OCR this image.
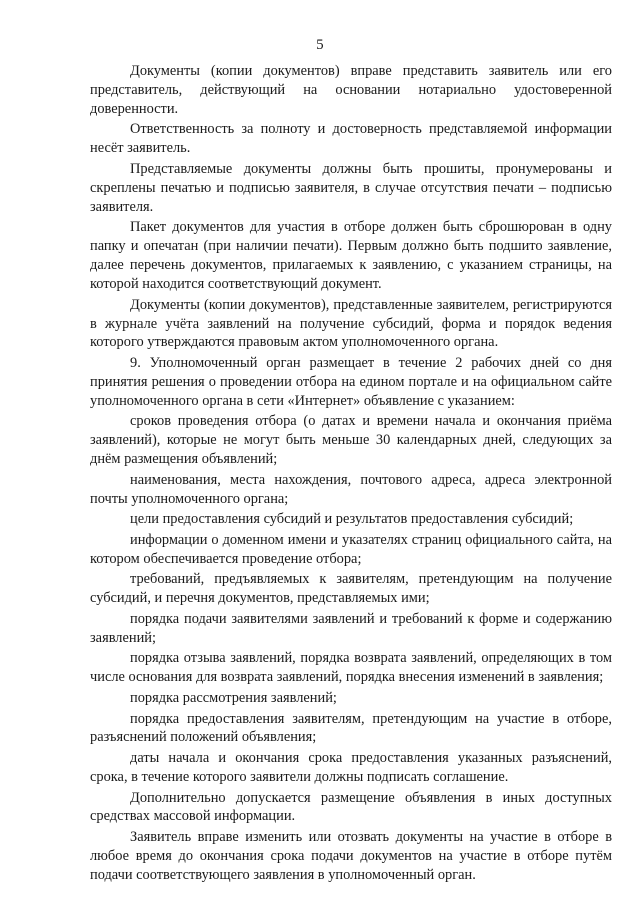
5

Документы (копии документов) вправе представить заявитель или его представитель, действующий на основании нотариально удостоверенной доверенности.

Ответственность за полноту и достоверность представляемой информации несёт заявитель.

Представляемые документы должны быть прошиты, пронумерованы и скреплены печатью и подписью заявителя, в случае отсутствия печати – подписью заявителя.

Пакет документов для участия в отборе должен быть сброшюрован в одну папку и опечатан (при наличии печати). Первым должно быть подшито заявление, далее перечень документов, прилагаемых к заявлению, с указанием страницы, на которой находится соответствующий документ.

Документы (копии документов), представленные заявителем, регистрируются в журнале учёта заявлений на получение субсидий, форма и порядок ведения которого утверждаются правовым актом уполномоченного органа.

9. Уполномоченный орган размещает в течение 2 рабочих дней со дня принятия решения о проведении отбора на едином портале и на официальном сайте уполномоченного органа в сети «Интернет» объявление с указанием:

сроков проведения отбора (о датах и времени начала и окончания приёма заявлений), которые не могут быть меньше 30 календарных дней, следующих за днём размещения объявлений;

наименования, места нахождения, почтового адреса, адреса электронной почты уполномоченного органа;

цели предоставления субсидий и результатов предоставления субсидий;

информации о доменном имени и указателях страниц официального сайта, на котором обеспечивается проведение отбора;

требований, предъявляемых к заявителям, претендующим на получение субсидий, и перечня документов, представляемых ими;

порядка подачи заявителями заявлений и требований к форме и содержанию заявлений;

порядка отзыва заявлений, порядка возврата заявлений, определяющих в том числе основания для возврата заявлений, порядка внесения изменений в заявления;

порядка рассмотрения заявлений;

порядка предоставления заявителям, претендующим на участие в отборе, разъяснений положений объявления;

даты начала и окончания срока предоставления указанных разъяснений, срока, в течение которого заявители должны подписать соглашение.

Дополнительно допускается размещение объявления в иных доступных средствах массовой информации.

Заявитель вправе изменить или отозвать документы на участие в отборе в любое время до окончания срока подачи документов на участие в отборе путём подачи соответствующего заявления в уполномоченный орган.
